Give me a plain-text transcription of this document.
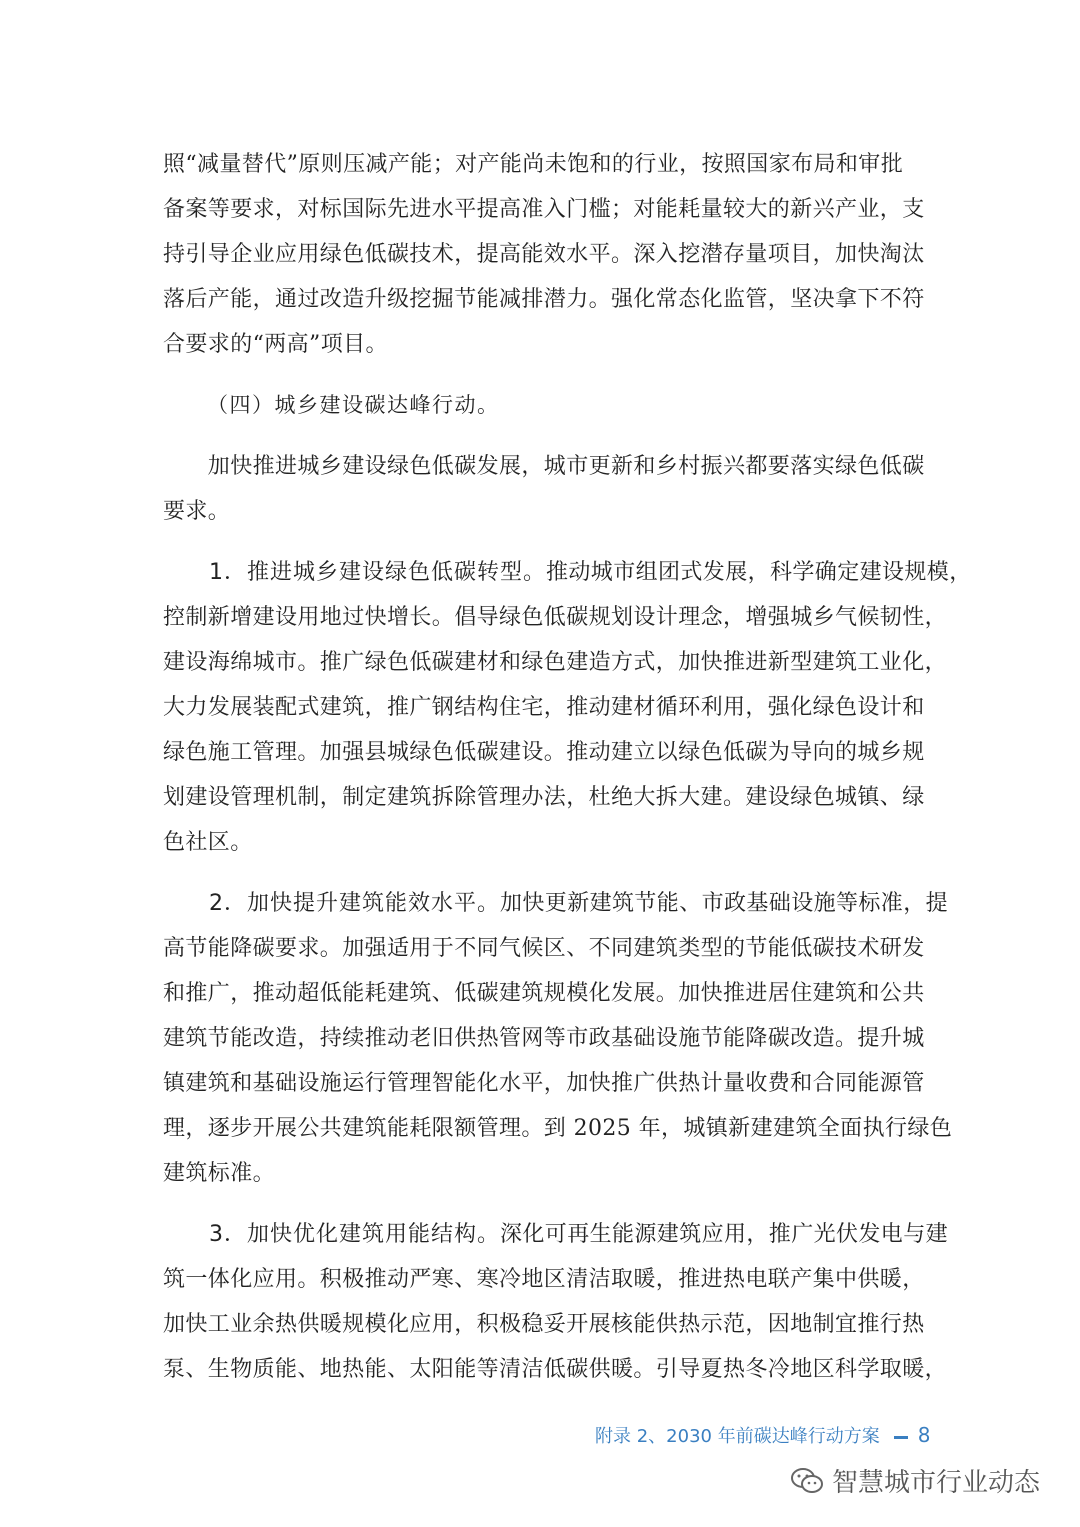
照“减量替代”原则压减产能；对产能尚未饱和的行业，按照国家布局和审批
备案等要求，对标国际先进水平提高准入门槛；对能耗量较大的新兴产业，支
持引导企业应用绿色低碳技术，提高能效水平。深入挖潜存量项目，加快淘汰
落后产能，通过改造升级挖掘节能减排潜力。强化常态化监管，坚决拿下不符
合要求的“两高”项目。

（四）城乡建设碳达峰行动。

　　加快推进城乡建设绿色低碳发展，城市更新和乡村振兴都要落实绿色低碳
要求。

　　1．推进城乡建设绿色低碳转型。推动城市组团式发展，科学确定建设规模，
控制新增建设用地过快增长。倡导绿色低碳规划设计理念，增强城乡气候韧性，
建设海绵城市。推广绿色低碳建材和绿色建造方式，加快推进新型建筑工业化，
大力发展装配式建筑，推广钢结构住宅，推动建材循环利用，强化绿色设计和
绿色施工管理。加强县城绿色低碳建设。推动建立以绿色低碳为导向的城乡规
划建设管理机制，制定建筑拆除管理办法，杜绝大拆大建。建设绿色城镇、绿
色社区。

　　2．加快提升建筑能效水平。加快更新建筑节能、市政基础设施等标准，提
高节能降碳要求。加强适用于不同气候区、不同建筑类型的节能低碳技术研发
和推广，推动超低能耗建筑、低碳建筑规模化发展。加快推进居住建筑和公共
建筑节能改造，持续推动老旧供热管网等市政基础设施节能降碳改造。提升城
镇建筑和基础设施运行管理智能化水平，加快推广供热计量收费和合同能源管
理，逐步开展公共建筑能耗限额管理。到 2025 年，城镇新建建筑全面执行绿色
建筑标准。

　　3．加快优化建筑用能结构。深化可再生能源建筑应用，推广光伏发电与建
筑一体化应用。积极推动严寒、寒冷地区清洁取暖，推进热电联产集中供暖，
加快工业余热供暖规模化应用，积极稳妥开展核能供热示范，因地制宜推行热
泵、生物质能、地热能、太阳能等清洁低碳供暖。引导夏热冬冷地区科学取暖，

附录 2、2030 年前碳达峰行动方案 8
智慧城市行业动态
